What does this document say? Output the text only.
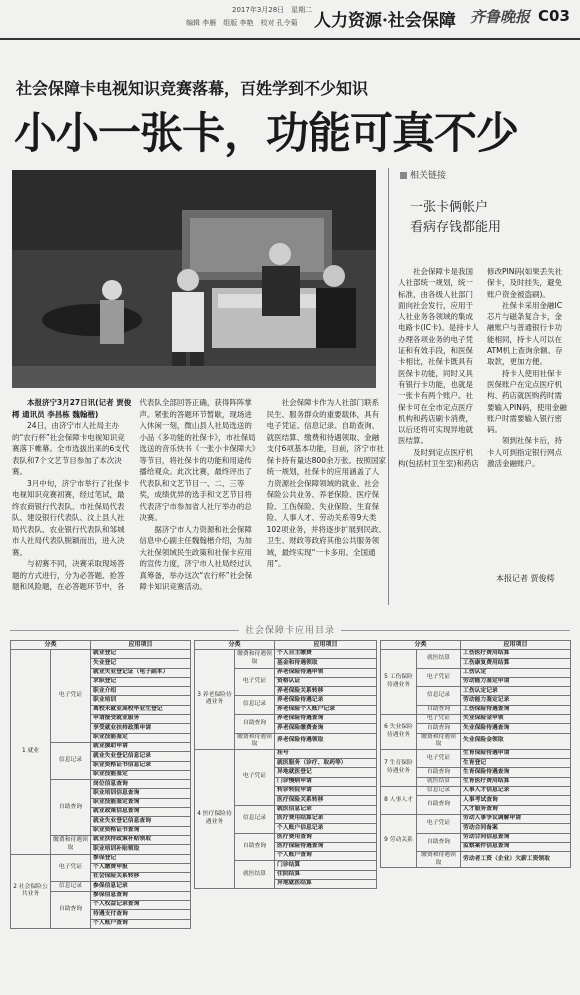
2017年3月28日　星期二
编辑 李雁　组版 李艳　校对 孔令菊 人力资源·社会保障 齐鲁晚报 C03
社会保障卡电视知识竞赛落幕，百姓学到不少知识
小小一张卡，功能可真不少
相关链接
一张卡俩帐户
看病存钱都能用

社会保障卡是我国人社部统一规划，统一标准，由各级人社部门面向社会发行，应用于人社业务各领域的集成电路卡(IC卡)。是持卡人办理各项业务的电子凭证和有效手段，和医保卡相比，社保卡既具有医保卡功能，同时又具有银行卡功能，也就是一张卡有两个账户。社保卡可在全市定点医疗机构和药店刷卡消费，以后还将可实现异地就医结算。

及时到定点医疗机构(包括村卫生室)和药店修改PIN码(如果丢失社保卡，及时挂失，避免账户资金被盗刷)。

社保卡采用金融IC芯片与磁条复合卡，金融账户与普通银行卡功能相同，持卡人可以在ATM机上查询余额、存取款，更加方便。

持卡人使用社保卡医保账户在定点医疗机构、药店就医购药时需要输入PIN码，使用金融账户时需要输入银行密码。

领到社保卡后，持卡人可到指定银行网点激活金融账户。

本报记者 贾俊樗

本报济宁3月27日讯(记者 贾俊樗 通讯员 李昌栋 魏翰楷)

24日，由济宁市人社局主办的“农行杯”社会保障卡电视知识竞赛落下帷幕。全市选拔出来的6支代表队和7个文艺节目参加了本次决赛。

3月中旬，济宁市举行了社保卡电视知识竞赛初赛，经过笔试，最终农商银行代表队、市社保局代表队、建设银行代表队、汶上县人社局代表队、农业银行代表队和邹城市人社局代表队脱颖而出，进入决赛。

与初赛不同，决赛采取现场答题的方式进行，分为必答题、抢答题和风险题，在必答题环节中，各代表队全部回答正确，获得阵阵掌声。紧张的答题环节暂歇，现场进入休闲一刻，微山县人社局选送的小品《多功能的社保卡》，市社保局选送的音乐快书《一张小卡保障大》等节目，将社保卡的功能和用途传播给观众。此次比赛，最终评出了代表队和文艺节目一、二、三等奖，成绩优异的选手和文艺节目将代表济宁市参加省人社厅举办的总决赛。

据济宁市人力资源和社会保障信息中心副主任魏翰楷介绍，为加大社保领域民生政策和社保卡应用的宣传力度，济宁市人社局经过认真筹备，举办这次“农行杯”社会保障卡知识竞赛活动。

社会保障卡作为人社部门联系民生、服务群众的重要载体，具有电子凭证、信息记录、自助查询、就医结算、缴费和待遇领取、金融支付6项基本功能，目前，济宁市社保卡持有量达800余万张。按照国家统一规划，社保卡的应用涵盖了人力资源社会保障领域的就业、社会保险公共业务、养老保险、医疗保险、工伤保险、失业保险、生育保险、人事人才、劳动关系等9大类102项业务，并将逐步扩展到民政、卫生、财政等政府其他公共服务领域，最终实现“一卡多用、全国通用”。

社会保障卡应用目录
分类		应用项目
1 就业	电子凭证	就业登记
		失业登记
		就业失业登记证（电子副本）
		求职登记
		职业介绍
		职业培训
		离校未就业高校毕业生登记
		申请接受就业服务
		享受就业扶持政策申请
		职业技能鉴定
	信息记录	就业援助申请
		就业失业登记信息记录
		职业资格证书信息记录
		职业技能鉴定
	自助查询	岗位信息查询
		职业培训信息查询
		职业技能鉴定查询
		就业政策信息查询
		就业失业登记信息查询
		职业资格证书查询
	缴费和待遇领取	就业扶持政策补贴领取
		职业培训补贴领取
2 社会保险公共业务	电子凭证	参保登记
		个人缴费申报
		社会保险关系转移
	信息记录	参保信息记录
	自助查询	参保信息查询
		个人权益记录查询
		待遇支付查询
		个人账户查询
分类		应用项目
3 养老保险待遇业务	缴费和待遇领取	个人自主缴费
		基金和待遇领取
	电子凭证	养老保险待遇申领
		资格认证
		养老保险关系转移
	信息记录	养老保险待遇记录
		养老保险个人账户记录
	自助查询	养老保险待遇查询
		养老保险缴费查询
	缴费和待遇领取	养老保险待遇领取
4 医疗保险待遇业务	电子凭证	挂号
		就医服务（诊疗、取药等）
		异地就医登记
		门诊慢病申请
		转诊转院申请
		医疗保险关系转移
	信息记录	就医信息记录
		医疗费用结算记录
		个人账户信息记录
	自助查询	医疗费用查询
		医疗保险待遇查询
		个人账户查询
	就医结算	门诊结算
		住院结算
		异地就医结算
分类		应用项目
5 工伤保险待遇业务	就医结算	工伤医疗费用结算
		工伤康复费用结算
	电子凭证	工伤认定
		劳动能力鉴定申请
	信息记录	工伤认定记录
		劳动能力鉴定记录
	自助查询	工伤保险待遇查询
6 失业保险待遇业务	电子凭证	失业保险金申领
	自助查询	失业保险待遇查询
	缴费和待遇领取	失业保险金领取
7 生育保险待遇业务	电子凭证	生育保险待遇申请
		生育登记
	自助查询	生育保险待遇查询
	就医结算	生育医疗费用结算
8 人事人才	信息记录	人事人才信息记录
	自助查询	人事考试查询
		人才服务查询
9 劳动关系	电子凭证	劳动人事争议调解申请
		劳动合同备案
	自助查询	劳动合同信息查询
		监察案件信息查询
	缴费和待遇领取	劳动者工资（企业）欠薪工资领取
